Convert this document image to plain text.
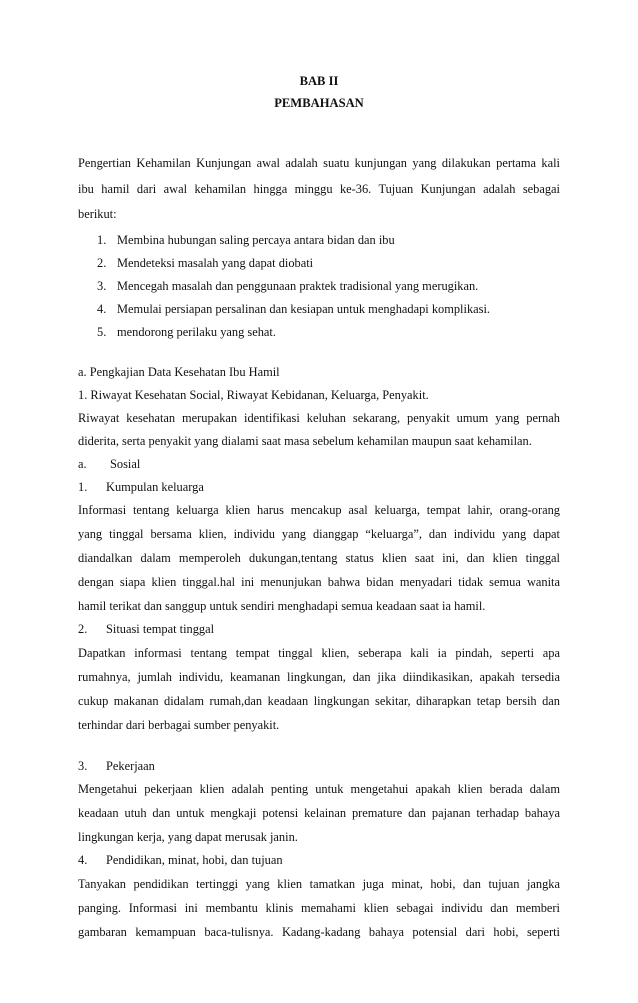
BAB II
PEMBAHASAN
Pengertian Kehamilan Kunjungan awal adalah suatu kunjungan yang dilakukan pertama kali
ibu hamil dari awal kehamilan hingga minggu ke-36. Tujuan Kunjungan adalah sebagai
berikut:
1. Membina hubungan saling percaya antara bidan dan ibu
2. Mendeteksi masalah yang dapat diobati
3. Mencegah masalah dan penggunaan praktek tradisional yang merugikan.
4. Memulai persiapan persalinan dan kesiapan untuk menghadapi komplikasi.
5. mendorong perilaku yang sehat.
a. Pengkajian Data Kesehatan Ibu Hamil
1. Riwayat Kesehatan Social, Riwayat Kebidanan, Keluarga, Penyakit.
Riwayat kesehatan merupakan identifikasi keluhan sekarang, penyakit umum yang pernah
diderita, serta penyakit yang dialami saat masa sebelum kehamilan maupun saat kehamilan.
a. Sosial
1. Kumpulan keluarga
Informasi tentang keluarga klien harus mencakup asal keluarga, tempat lahir, orang-orang
yang tinggal bersama klien, individu yang dianggap “keluarga”, dan individu yang dapat
diandalkan dalam memperoleh dukungan,tentang status klien saat ini, dan klien tinggal
dengan siapa klien tinggal.hal ini menunjukan bahwa bidan menyadari tidak semua wanita
hamil terikat dan sanggup untuk sendiri menghadapi semua keadaan saat ia hamil.
2. Situasi tempat tinggal
Dapatkan informasi tentang tempat tinggal klien, seberapa kali ia pindah, seperti apa
rumahnya, jumlah individu, keamanan lingkungan, dan jika diindikasikan, apakah tersedia
cukup makanan didalam rumah,dan keadaan lingkungan sekitar, diharapkan tetap bersih dan
terhindar dari berbagai sumber penyakit.
3. Pekerjaan
Mengetahui pekerjaan klien adalah penting untuk mengetahui apakah klien berada dalam
keadaan utuh dan untuk mengkaji potensi kelainan premature dan pajanan terhadap bahaya
lingkungan kerja, yang dapat merusak janin.
4. Pendidikan, minat, hobi, dan tujuan
Tanyakan pendidikan tertinggi yang klien tamatkan juga minat, hobi, dan tujuan jangka
panging. Informasi ini membantu klinis memahami klien sebagai individu dan memberi
gambaran kemampuan baca-tulisnya. Kadang-kadang bahaya potensial dari hobi, seperti
